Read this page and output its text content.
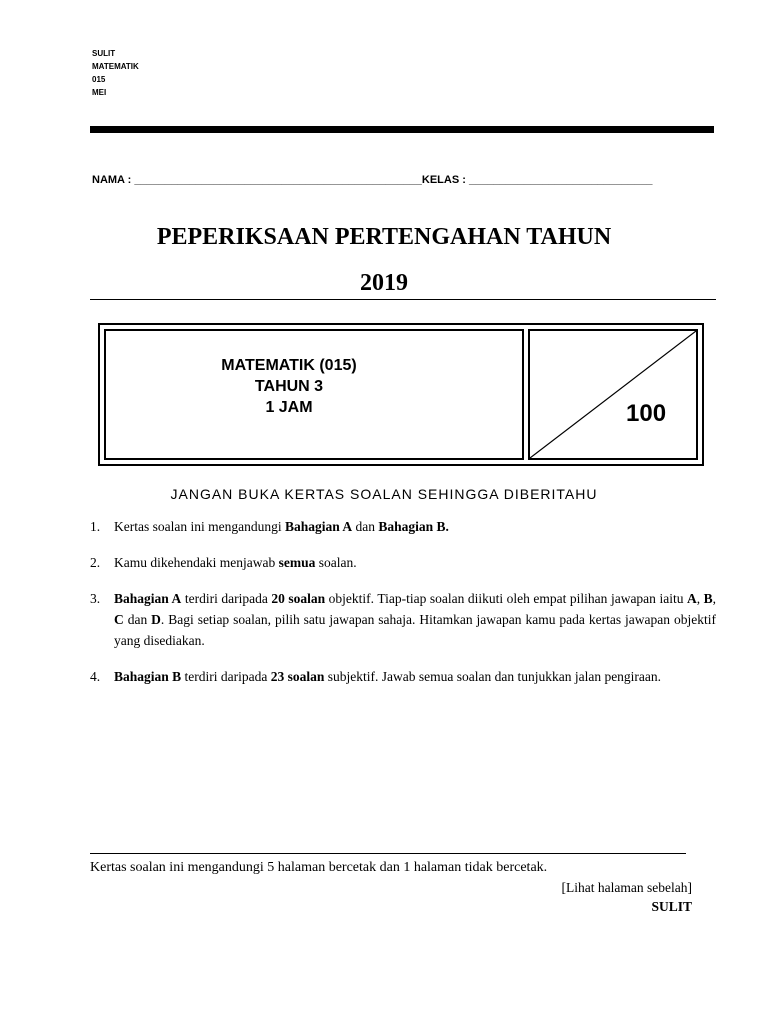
SULIT
MATEMATIK
015
MEI
NAMA : _______________________________________________KELAS : ______________________________
PEPERIKSAAN PERTENGAHAN TAHUN
2019
MATEMATIK (015)
TAHUN 3
1 JAM	100
JANGAN BUKA KERTAS SOALAN SEHINGGA DIBERITAHU
1. Kertas soalan ini mengandungi Bahagian A dan Bahagian B.
2. Kamu dikehendaki menjawab semua soalan.
3. Bahagian A terdiri daripada 20 soalan objektif. Tiap-tiap soalan diikuti oleh empat pilihan jawapan iaitu A, B, C dan D. Bagi setiap soalan, pilih satu jawapan sahaja. Hitamkan jawapan kamu pada kertas jawapan objektif yang disediakan.
4. Bahagian B terdiri daripada 23 soalan subjektif. Jawab semua soalan dan tunjukkan jalan pengiraan.
Kertas soalan ini mengandungi 5 halaman bercetak dan 1 halaman tidak bercetak.
[Lihat halaman sebelah]
SULIT
